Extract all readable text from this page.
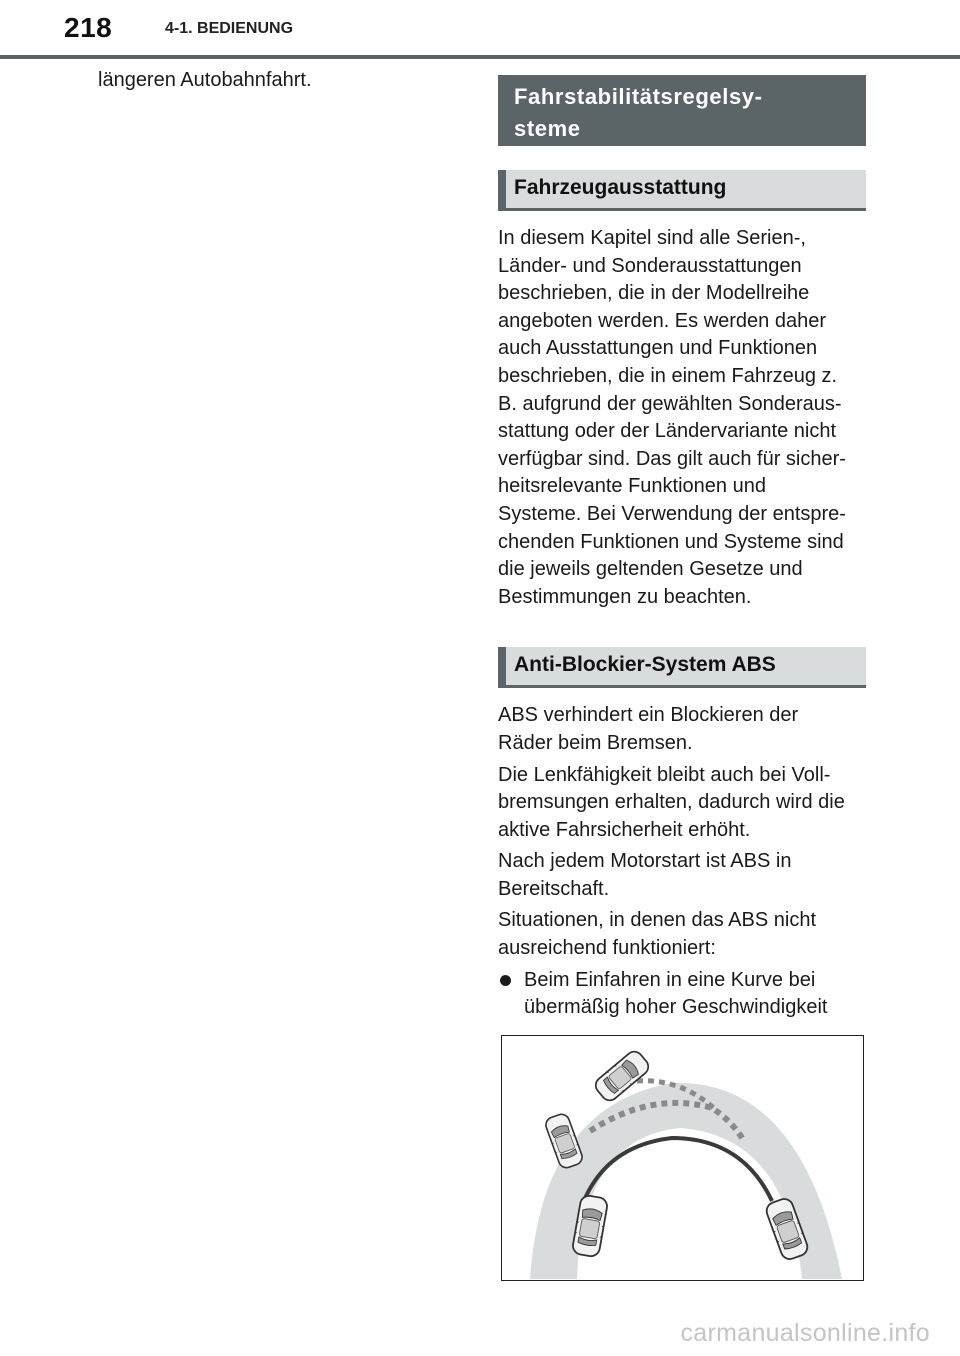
218	4-1. BEDIENUNG
längeren Autobahnfahrt.
Fahrstabilitätsregelsy-
steme
Fahrzeugausstattung
In diesem Kapitel sind alle Serien-,
Länder- und Sonderausstattungen
beschrieben, die in der Modellreihe
angeboten werden. Es werden daher
auch Ausstattungen und Funktionen
beschrieben, die in einem Fahrzeug z.
B. aufgrund der gewählten Sonderaus-
stattung oder der Ländervariante nicht
verfügbar sind. Das gilt auch für sicher-
heitsrelevante Funktionen und
Systeme. Bei Verwendung der entspre-
chenden Funktionen und Systeme sind
die jeweils geltenden Gesetze und
Bestimmungen zu beachten.
Anti-Blockier-System ABS
ABS verhindert ein Blockieren der
Räder beim Bremsen.
Die Lenkfähigkeit bleibt auch bei Voll-
bremsungen erhalten, dadurch wird die
aktive Fahrsicherheit erhöht.
Nach jedem Motorstart ist ABS in
Bereitschaft.
Situationen, in denen das ABS nicht
ausreichend funktioniert:
Beim Einfahren in eine Kurve bei
übermäßig hoher Geschwindigkeit
carmanualsonline.info
